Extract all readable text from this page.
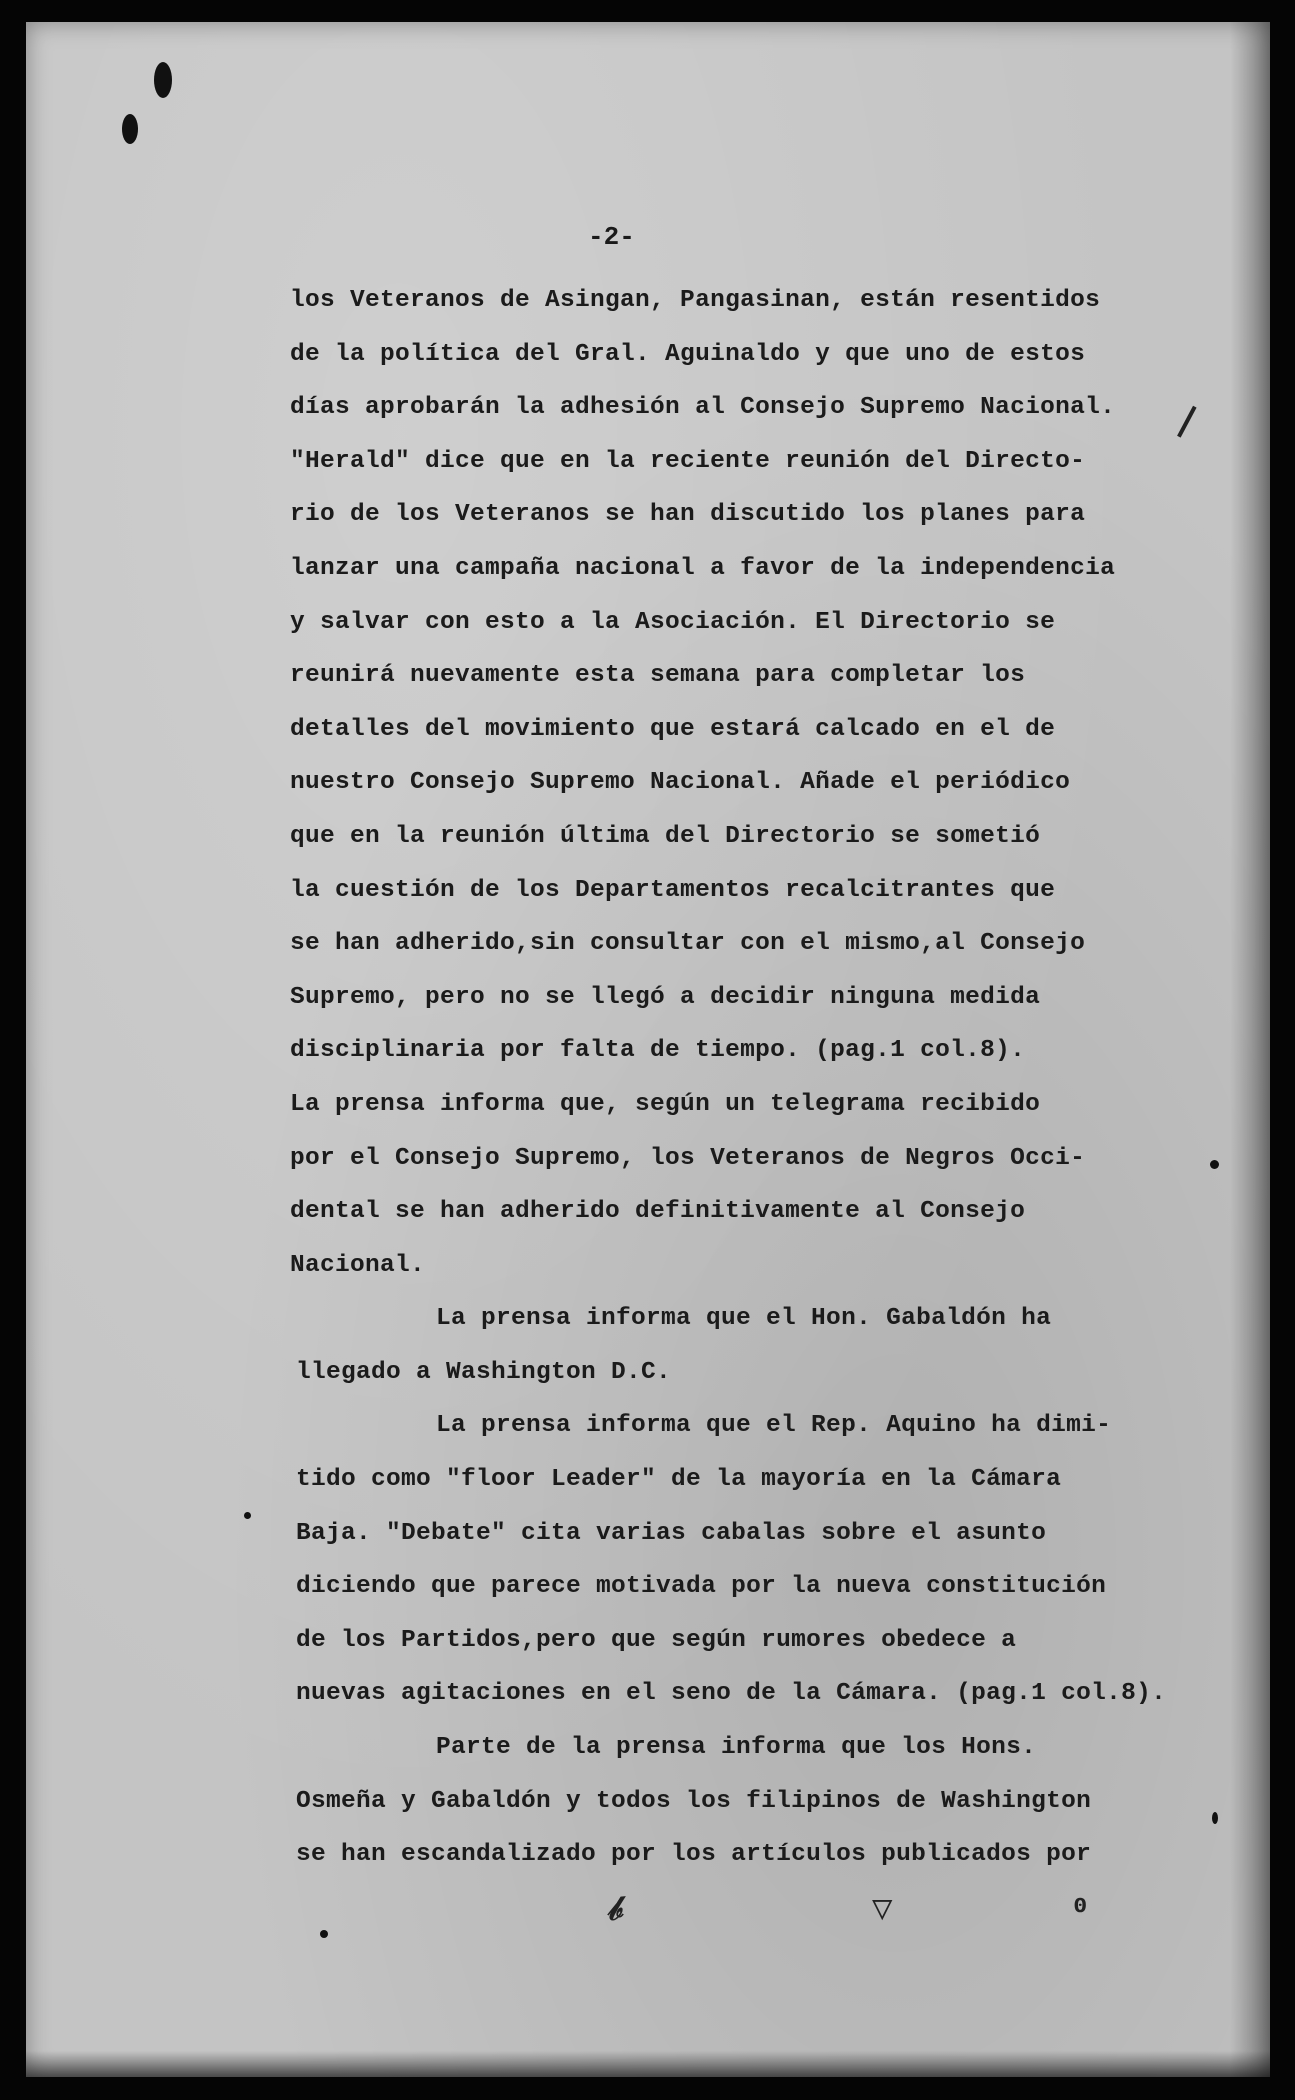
-2-
los Veteranos de Asingan, Pangasinan, están resentidos
de la política del Gral. Aguinaldo y que uno de estos
días aprobarán la adhesión al Consejo Supremo Nacional.
"Herald" dice que en la reciente reunión del Directo-
rio de los Veteranos se han discutido los planes para
lanzar una campaña nacional a favor de la independencia
y salvar con esto a la Asociación. El Directorio se
reunirá nuevamente esta semana para completar los
detalles del movimiento que estará calcado en el de
nuestro Consejo Supremo Nacional. Añade el periódico
que en la reunión última del Directorio se sometió
la cuestión de los Departamentos recalcitrantes que
se han adherido,sin consultar con el mismo,al Consejo
Supremo, pero no se llegó a decidir ninguna medida
disciplinaria por falta de tiempo. (pag.1 col.8).
La prensa informa que, según un telegrama recibido
por el Consejo Supremo, los Veteranos de Negros Occi-
dental se han adherido definitivamente al Consejo
Nacional.
La prensa informa que el Hon. Gabaldón ha
llegado a Washington D.C.
La prensa informa que el Rep. Aquino ha dimi-
tido como "floor Leader" de la mayoría en la Cámara
Baja. "Debate" cita varias cabalas sobre el asunto
diciendo que parece motivada por la nueva constitución
de los Partidos,pero que según rumores obedece a
nuevas agitaciones en el seno de la Cámara. (pag.1 col.8).
Parte de la prensa informa que los Hons.
Osmeña y Gabaldón y todos los filipinos de Washington
se han escandalizado por los artículos publicados por
𝒷	▽	⁰
